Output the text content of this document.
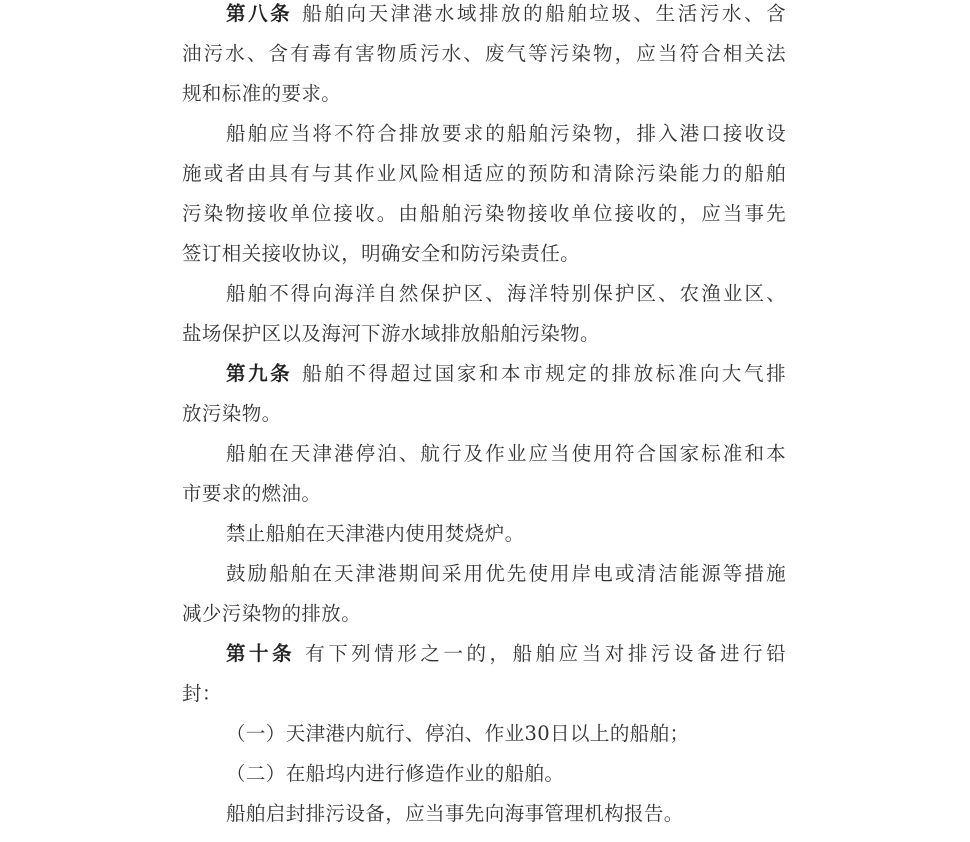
第八条 船舶向天津港水域排放的船舶垃圾、生活污水、含
油污水、含有毒有害物质污水、废气等污染物，应当符合相关法
规和标准的要求。
船舶应当将不符合排放要求的船舶污染物，排入港口接收设
施或者由具有与其作业风险相适应的预防和清除污染能力的船舶
污染物接收单位接收。由船舶污染物接收单位接收的，应当事先
签订相关接收协议，明确安全和防污染责任。
船舶不得向海洋自然保护区、海洋特别保护区、农渔业区、
盐场保护区以及海河下游水域排放船舶污染物。
第九条 船舶不得超过国家和本市规定的排放标准向大气排
放污染物。
船舶在天津港停泊、航行及作业应当使用符合国家标准和本
市要求的燃油。
禁止船舶在天津港内使用焚烧炉。
鼓励船舶在天津港期间采用优先使用岸电或清洁能源等措施
减少污染物的排放。
第十条 有下列情形之一的，船舶应当对排污设备进行铅
封：
（一）天津港内航行、停泊、作业30日以上的船舶；
（二）在船坞内进行修造作业的船舶。
船舶启封排污设备，应当事先向海事管理机构报告。
